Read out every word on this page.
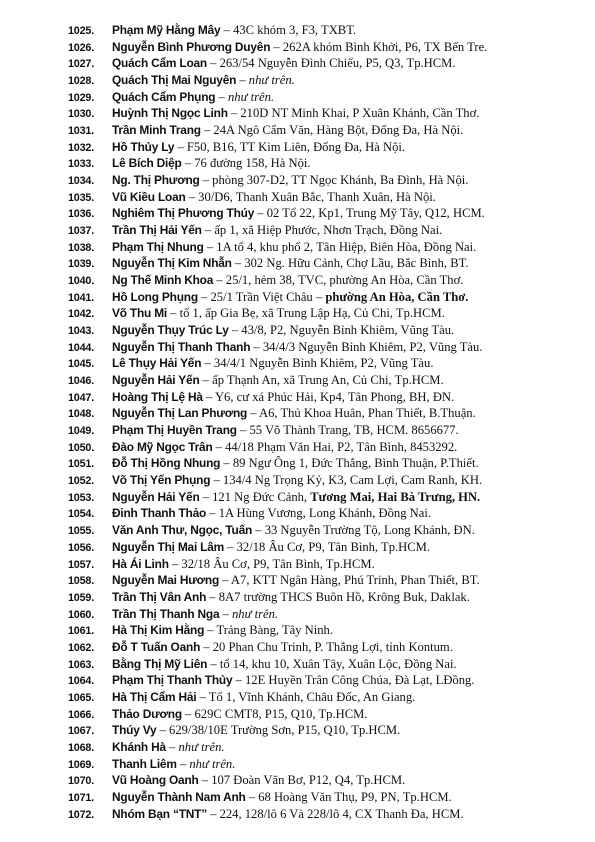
1025. Phạm Mỹ Hằng Mây – 43C khóm 3, F3, TXBT.
1026. Nguyễn Bình Phương Duyên – 262A khóm Bình Khởi, P6, TX Bến Tre.
1027. Quách Cẩm Loan – 263/54 Nguyễn Đình Chiểu, P5, Q3, Tp.HCM.
1028. Quách Thị Mai Nguyên – như trên.
1029. Quách Cẩm Phụng – như trên.
1030. Huỳnh Thị Ngọc Linh – 210D NT Minh Khai, P Xuân Khánh, Cần Thơ.
1031. Trần Minh Trang – 24A Ngô Cẩm Văn, Hàng Bột, Đống Đa, Hà Nội.
1032. Hồ Thủy Ly – F50, B16, TT Kim Liên, Đống Đa, Hà Nội.
1033. Lê Bích Diệp – 76 đường 158, Hà Nội.
1034. Ng. Thị Phương – phòng 307-D2, TT Ngọc Khánh, Ba Đình, Hà Nội.
1035. Vũ Kiều Loan – 30/D6, Thanh Xuân Bắc, Thanh Xuân, Hà Nội.
1036. Nghiêm Thị Phương Thúy – 02 Tổ 22, Kp1, Trung Mỹ Tây, Q12, HCM.
1037. Trần Thị Hải Yến – ấp 1, xã Hiệp Phước, Nhơn Trạch, Đồng Nai.
1038. Phạm Thị Nhung – 1A tổ 4, khu phố 2, Tân Hiệp, Biên Hòa, Đồng Nai.
1039. Nguyễn Thị Kim Nhẫn – 302 Ng. Hữu Cảnh, Chợ Lầu, Bắc Bình, BT.
1040. Ng Thế Minh Khoa – 25/1, hẻm 38, TVC, phường An Hòa, Cần Thơ.
1041. Hồ Long Phụng – 25/1 Trần Việt Châu – phường An Hòa, Cần Thơ.
1042. Võ Thu Mi – tổ 1, ấp Gia Bẹ, xã Trung Lập Hạ, Củ Chi, Tp.HCM.
1043. Nguyễn Thụy Trúc Ly – 43/8, P2, Nguyễn Bỉnh Khiêm, Vũng Tàu.
1044. Nguyễn Thị Thanh Thanh – 34/4/3 Nguyễn Bỉnh Khiêm, P2, Vũng Tàu.
1045. Lê Thụy Hải Yến – 34/4/1 Nguyễn Bỉnh Khiêm, P2, Vũng Tàu.
1046. Nguyễn Hải Yến – ấp Thạnh An, xã Trung An, Củ Chi, Tp.HCM.
1047. Hoàng Thị Lệ Hà – Y6, cư xá Phúc Hải, Kp4, Tân Phong, BH, ĐN.
1048. Nguyễn Thị Lan Phương – A6, Thủ Khoa Huân, Phan Thiết, B.Thuận.
1049. Phạm Thị Huyền Trang – 55 Võ Thành Trang, TB, HCM. 8656677.
1050. Đào Mỹ Ngọc Trân – 44/18 Phạm Văn Hai, P2, Tân Bình, 8453292.
1051. Đỗ Thị Hồng Nhung – 89 Ngư Ông 1, Đức Thắng, Bình Thuận, P.Thiết.
1052. Võ Thị Yến Phụng – 134/4 Ng Trọng Kỷ, K3, Cam Lợi, Cam Ranh, KH.
1053. Nguyễn Hải Yến – 121 Ng Đức Cảnh, Tương Mai, Hai Bà Trưng, HN.
1054. Đinh Thanh Thảo – 1A Hùng Vương, Long Khánh, Đồng Nai.
1055. Văn Anh Thư, Ngọc, Tuấn – 33 Nguyễn Trường Tộ, Long Khánh, ĐN.
1056. Nguyễn Thị Mai Lâm – 32/18 Âu Cơ, P9, Tân Bình, Tp.HCM.
1057. Hà Ái Linh – 32/18 Âu Cơ, P9, Tân Bình, Tp.HCM.
1058. Nguyễn Mai Hương – A7, KTT Ngân Hàng, Phú Trinh, Phan Thiết, BT.
1059. Trần Thị Vân Anh – 8A7 trường THCS Buôn Hồ, Krông Buk, Daklak.
1060. Trần Thị Thanh Nga – như trên.
1061. Hà Thị Kim Hằng – Trảng Bàng, Tây Ninh.
1062. Đỗ T Tuấn Oanh – 20 Phan Chu Trinh, P. Thắng Lợi, tỉnh Kontum.
1063. Bằng Thị Mỹ Liên – tổ 14, khu 10, Xuân Tây, Xuân Lộc, Đồng Nai.
1064. Phạm Thị Thanh Thủy – 12E Huyền Trân Công Chúa, Đà Lạt, LĐồng.
1065. Hà Thị Cẩm Hải – Tổ 1, Vĩnh Khánh, Châu Đốc, An Giang.
1066. Thảo Dương – 629C CMT8, P15, Q10, Tp.HCM.
1067. Thúy Vy – 629/38/10E Trường Sơn, P15, Q10, Tp.HCM.
1068. Khánh Hà – như trên.
1069. Thanh Liêm – như trên.
1070. Vũ Hoàng Oanh – 107 Đoàn Văn Bơ, P12, Q4, Tp.HCM.
1071. Nguyễn Thành Nam Anh – 68 Hoàng Văn Thụ, P9, PN, Tp.HCM.
1072. Nhóm Bạn “TNT” – 224, 128/lô 6 Và 228/lô 4, CX Thanh Đa, HCM.
